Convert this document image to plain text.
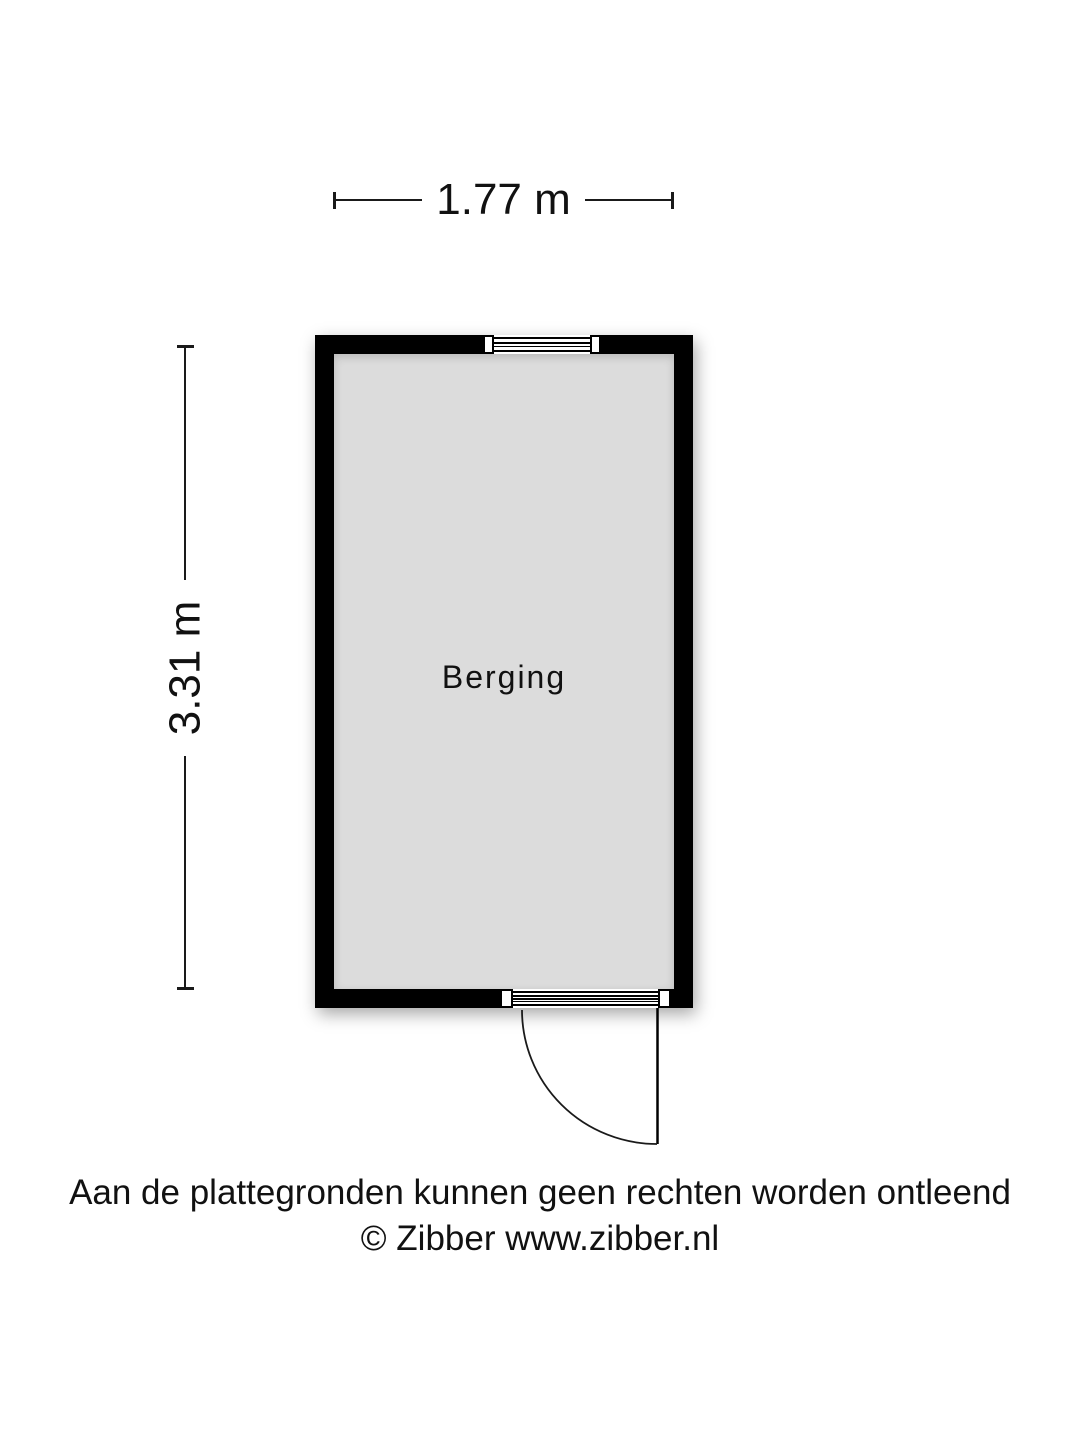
1.77 m
3.31 m	Berging
Aan de plattegronden kunnen geen rechten worden ontleend
© Zibber www.zibber.nl
